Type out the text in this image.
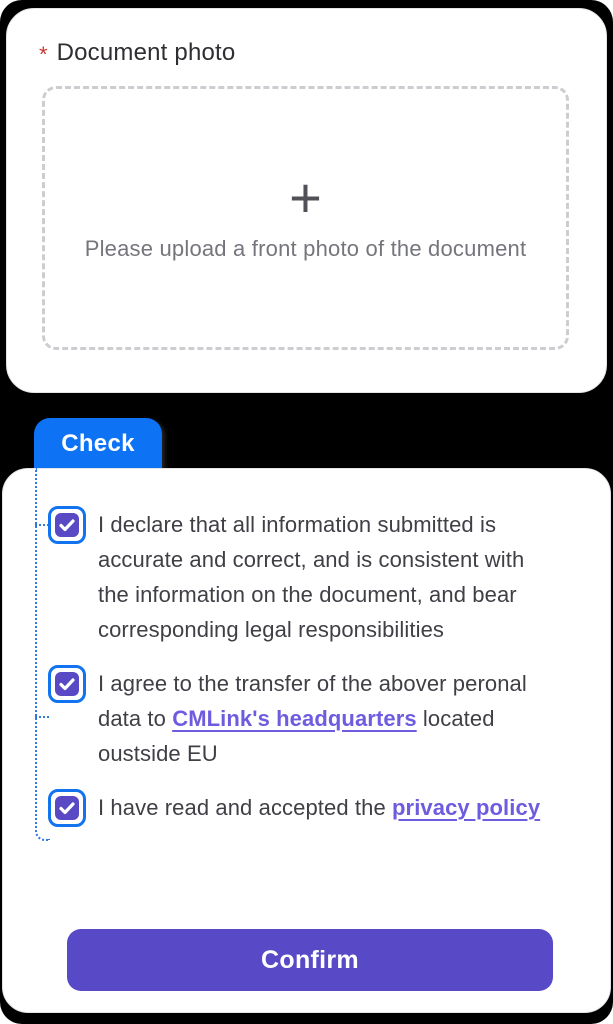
* Document photo
+
Please upload a front photo of the document
Check
I declare that all information submitted is accurate and correct, and is consistent with the information on the document, and bear corresponding legal responsibilities
I agree to the transfer of the abover peronal data to CMLink's headquarters located oustside EU
I have read and accepted the privacy policy
Confirm
